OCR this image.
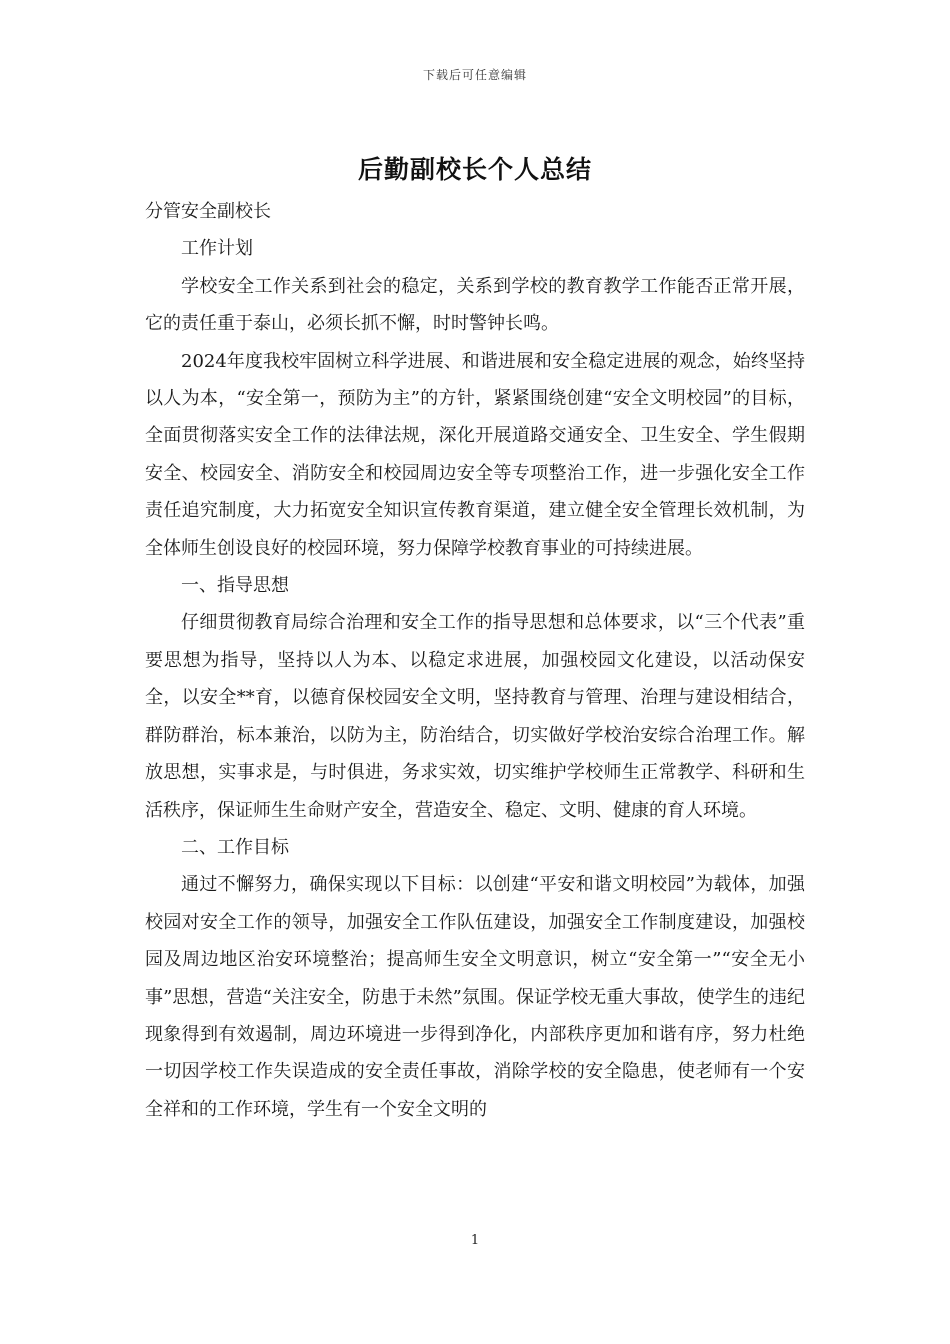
下载后可任意编辑
后勤副校长个人总结

分管安全副校长

工作计划

学校安全工作关系到社会的稳定，关系到学校的教育教学工作能否正常开展，它的责任重于泰山，必须长抓不懈，时时警钟长鸣。

2024年度我校牢固树立科学进展、和谐进展和安全稳定进展的观念，始终坚持以人为本，“安全第一，预防为主”的方针，紧紧围绕创建“安全文明校园”的目标，全面贯彻落实安全工作的法律法规，深化开展道路交通安全、卫生安全、学生假期安全、校园安全、消防安全和校园周边安全等专项整治工作，进一步强化安全工作责任追究制度，大力拓宽安全知识宣传教育渠道，建立健全安全管理长效机制，为全体师生创设良好的校园环境，努力保障学校教育事业的可持续进展。

一、指导思想

仔细贯彻教育局综合治理和安全工作的指导思想和总体要求，以“三个代表”重要思想为指导，坚持以人为本、以稳定求进展，加强校园文化建设，以活动保安全，以安全**育，以德育保校园安全文明，坚持教育与管理、治理与建设相结合，群防群治，标本兼治，以防为主，防治结合，切实做好学校治安综合治理工作。解放思想，实事求是，与时俱进，务求实效，切实维护学校师生正常教学、科研和生活秩序，保证师生生命财产安全，营造安全、稳定、文明、健康的育人环境。

二、工作目标

通过不懈努力，确保实现以下目标：以创建“平安和谐文明校园”为载体，加强校园对安全工作的领导，加强安全工作队伍建设，加强安全工作制度建设，加强校园及周边地区治安环境整治；提高师生安全文明意识，树立“安全第一”“安全无小事”思想，营造“关注安全，防患于未然”氛围。保证学校无重大事故，使学生的违纪现象得到有效遏制，周边环境进一步得到净化，内部秩序更加和谐有序，努力杜绝一切因学校工作失误造成的安全责任事故，消除学校的安全隐患，使老师有一个安全祥和的工作环境，学生有一个安全文明的

1
